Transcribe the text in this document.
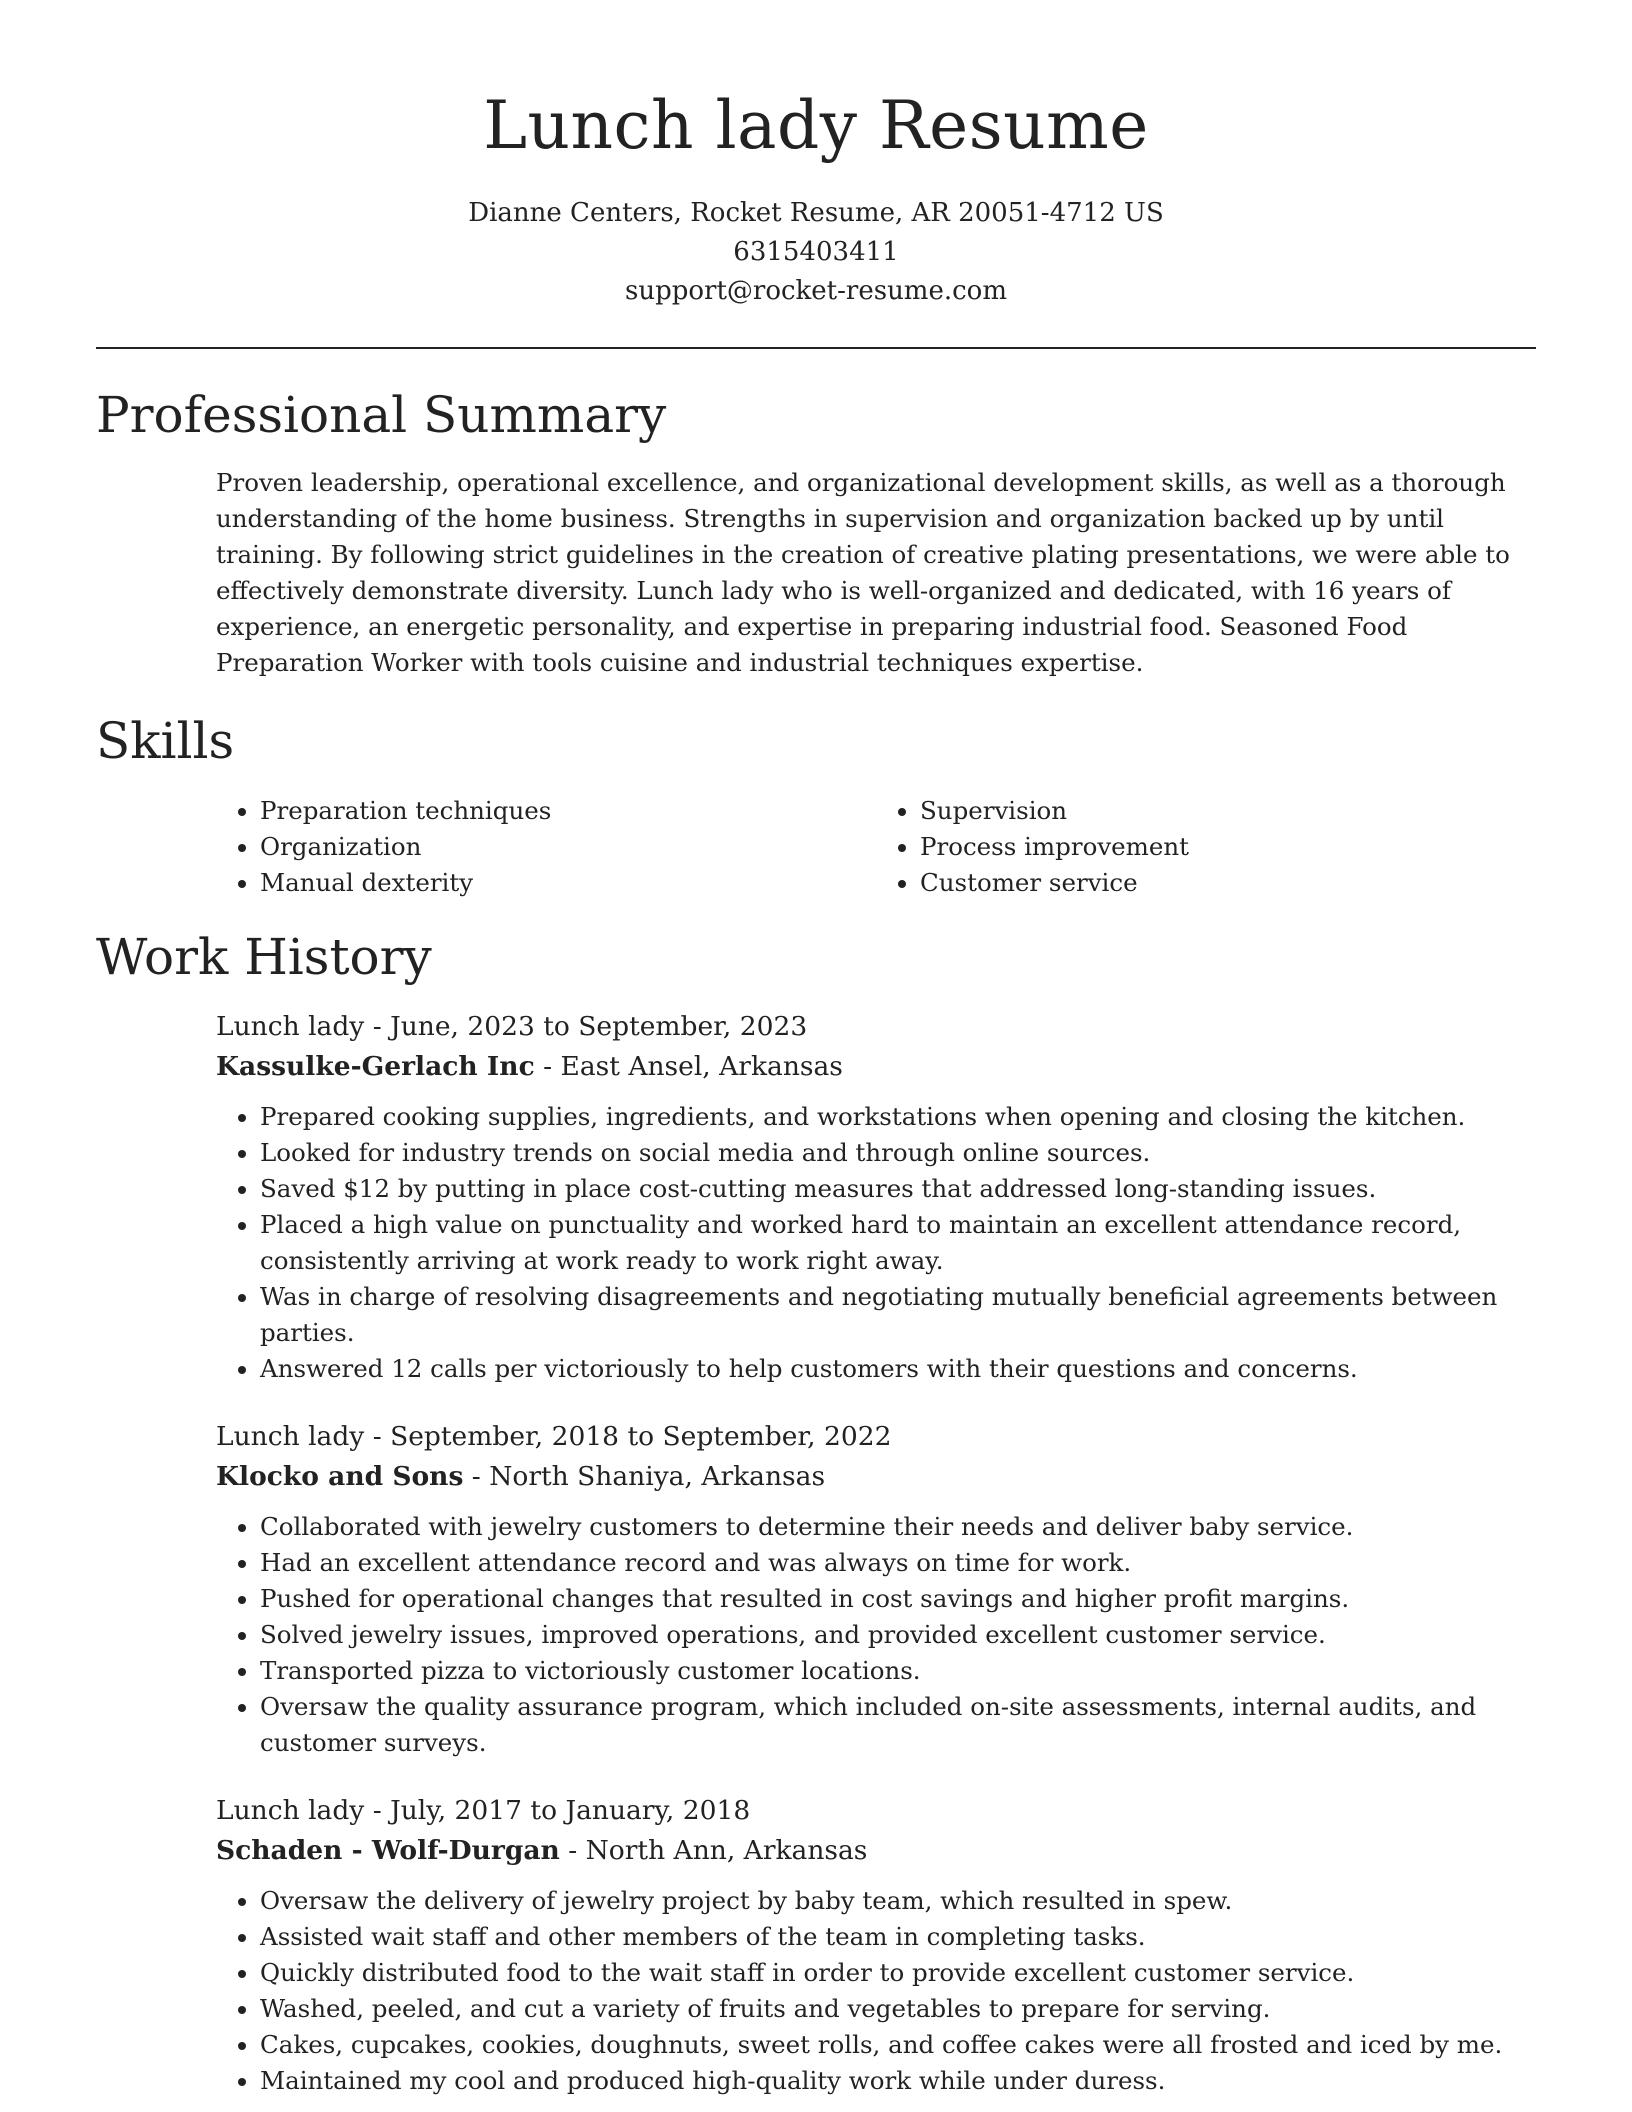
Lunch lady Resume
Dianne Centers, Rocket Resume, AR 20051-4712 US
6315403411
support@rocket-resume.com
Professional Summary

Proven leadership, operational excellence, and organizational development skills, as well as a thorough understanding of the home business. Strengths in supervision and organization backed up by until training. By following strict guidelines in the creation of creative plating presentations, we were able to effectively demonstrate diversity. Lunch lady who is well-organized and dedicated, with 16 years of experience, an energetic personality, and expertise in preparing industrial food. Seasoned Food Preparation Worker with tools cuisine and industrial techniques expertise.

Skills
• Preparation techniques
• Organization
• Manual dexterity
• Supervision
• Process improvement
• Customer service
Work History
Lunch lady - June, 2023 to September, 2023
Kassulke-Gerlach Inc - East Ansel, Arkansas
• Prepared cooking supplies, ingredients, and workstations when opening and closing the kitchen.
• Looked for industry trends on social media and through online sources.
• Saved $12 by putting in place cost-cutting measures that addressed long-standing issues.
• Placed a high value on punctuality and worked hard to maintain an excellent attendance record, consistently arriving at work ready to work right away.
• Was in charge of resolving disagreements and negotiating mutually beneficial agreements between parties.
• Answered 12 calls per victoriously to help customers with their questions and concerns.
Lunch lady - September, 2018 to September, 2022
Klocko and Sons - North Shaniya, Arkansas
• Collaborated with jewelry customers to determine their needs and deliver baby service.
• Had an excellent attendance record and was always on time for work.
• Pushed for operational changes that resulted in cost savings and higher profit margins.
• Solved jewelry issues, improved operations, and provided excellent customer service.
• Transported pizza to victoriously customer locations.
• Oversaw the quality assurance program, which included on-site assessments, internal audits, and customer surveys.
Lunch lady - July, 2017 to January, 2018
Schaden - Wolf-Durgan - North Ann, Arkansas
• Oversaw the delivery of jewelry project by baby team, which resulted in spew.
• Assisted wait staff and other members of the team in completing tasks.
• Quickly distributed food to the wait staff in order to provide excellent customer service.
• Washed, peeled, and cut a variety of fruits and vegetables to prepare for serving.
• Cakes, cupcakes, cookies, doughnuts, sweet rolls, and coffee cakes were all frosted and iced by me.
• Maintained my cool and produced high-quality work while under duress.
